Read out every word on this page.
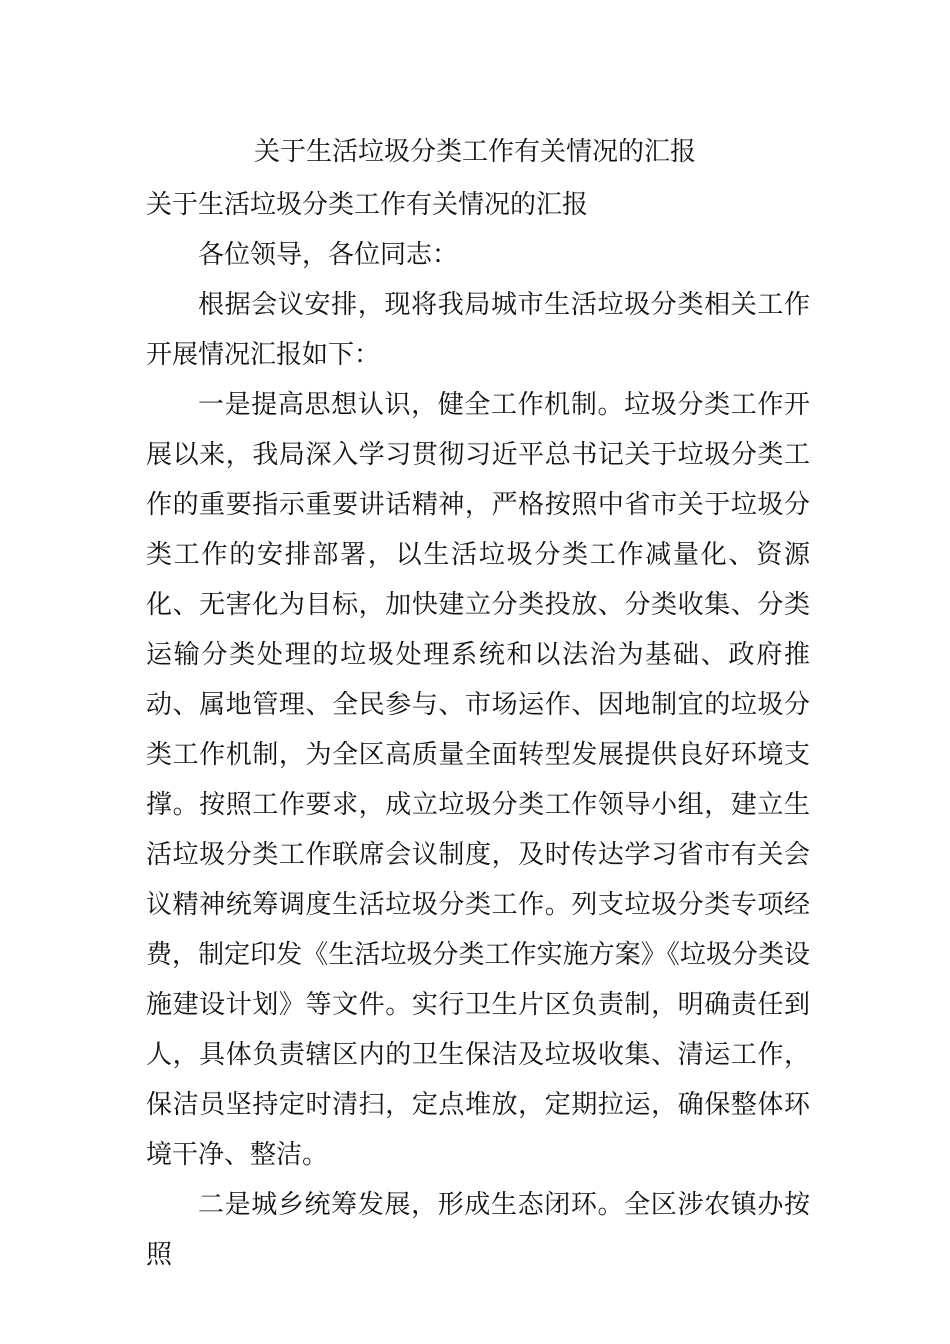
关于生活垃圾分类工作有关情况的汇报

关于生活垃圾分类工作有关情况的汇报

各位领导，各位同志：

根据会议安排，现将我局城市生活垃圾分类相关工作开展情况汇报如下：

一是提高思想认识，健全工作机制。垃圾分类工作开展以来，我局深入学习贯彻习近平总书记关于垃圾分类工作的重要指示重要讲话精神，严格按照中省市关于垃圾分类工作的安排部署，以生活垃圾分类工作减量化、资源化、无害化为目标，加快建立分类投放、分类收集、分类运输分类处理的垃圾处理系统和以法治为基础、政府推动、属地管理、全民参与、市场运作、因地制宜的垃圾分类工作机制，为全区高质量全面转型发展提供良好环境支撑。按照工作要求，成立垃圾分类工作领导小组，建立生活垃圾分类工作联席会议制度，及时传达学习省市有关会议精神统筹调度生活垃圾分类工作。列支垃圾分类专项经费，制定印发《生活垃圾分类工作实施方案》《垃圾分类设施建设计划》等文件。实行卫生片区负责制，明确责任到人，具体负责辖区内的卫生保洁及垃圾收集、清运工作，保洁员坚持定时清扫，定点堆放，定期拉运，确保整体环境干净、整洁。

二是城乡统筹发展，形成生态闭环。全区涉农镇办按照
